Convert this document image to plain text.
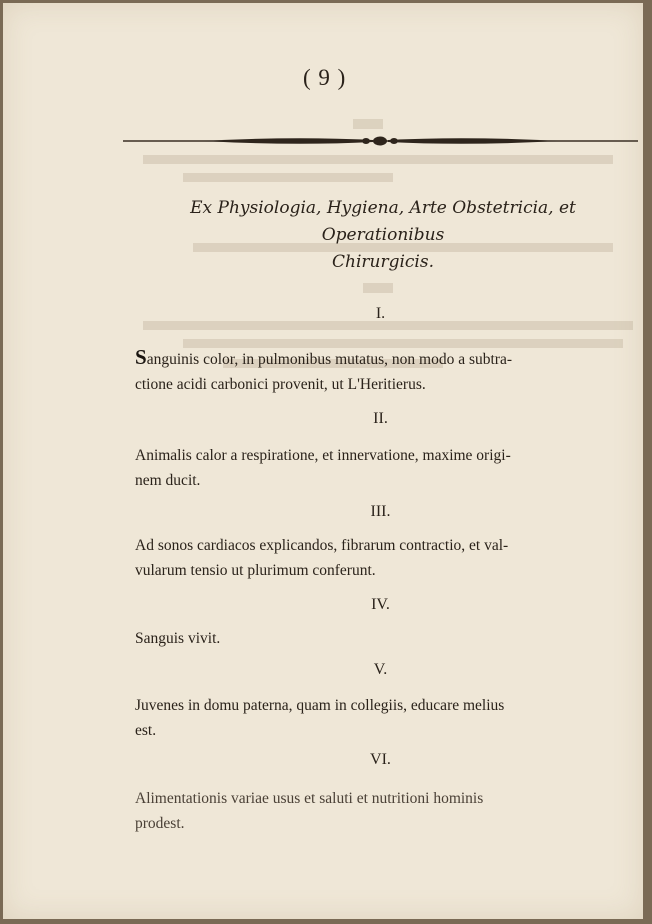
( 9 )
Ex Physiologia, Hygiena, Arte Obstetricia, et Operationibus
Chirurgicis.
I.
Sanguinis color, in pulmonibus mutatus, non modo a subtra-
ctione acidi carbonici provenit, ut L'Heritierus.
II.
Animalis calor a respiratione, et innervatione, maxime origi-
nem ducit.
III.
Ad sonos cardiacos explicandos, fibrarum contractio, et val-
vularum tensio ut plurimum conferunt.
IV.
Sanguis vivit.
V.
Juvenes in domu paterna, quam in collegiis, educare melius
est.
VI.
Alimentationis variae usus et saluti et nutritioni hominis
prodest.
